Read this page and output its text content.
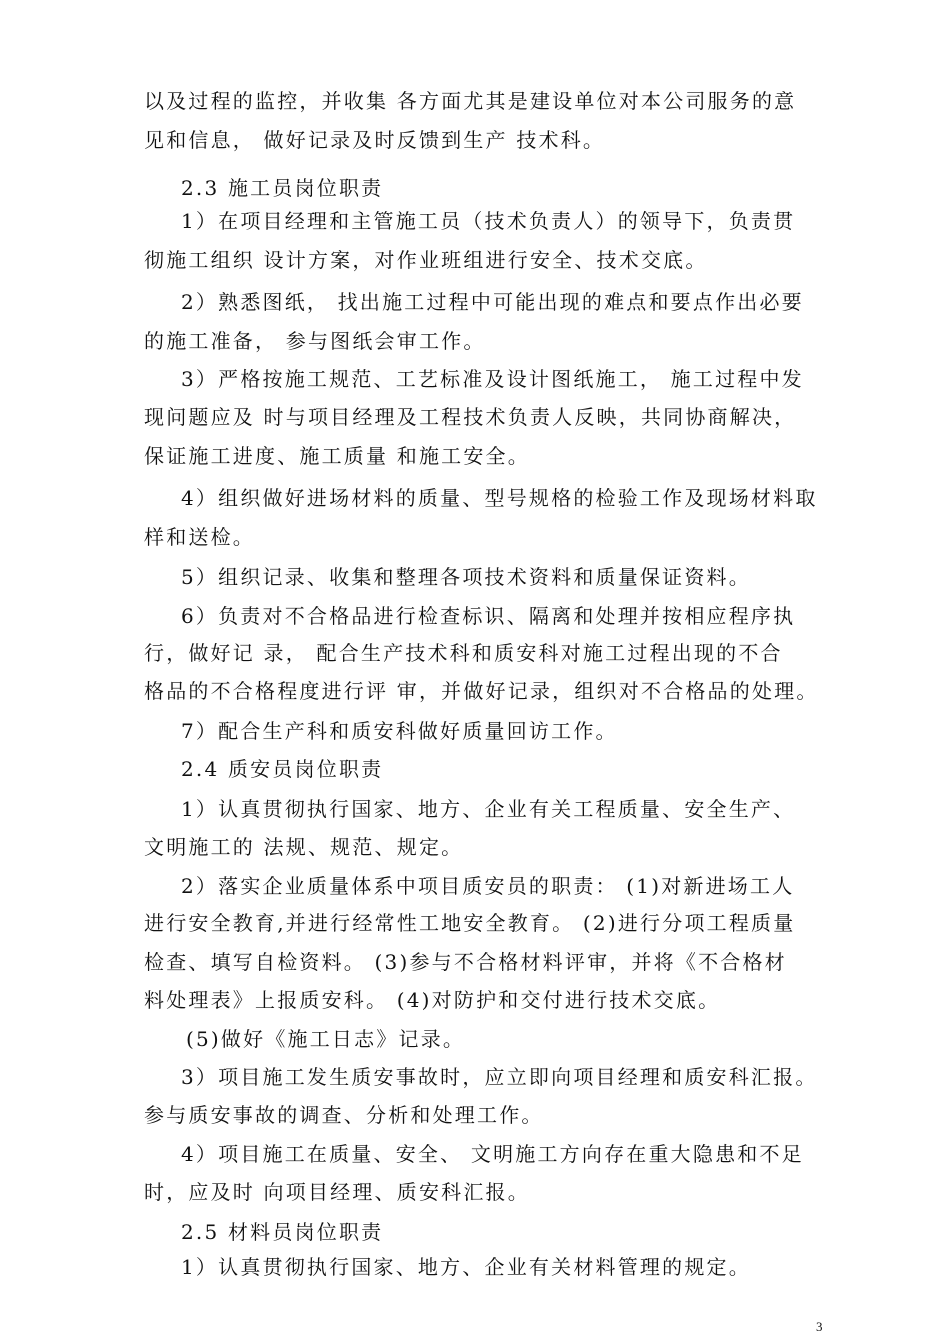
以及过程的监控，并收集 各方面尤其是建设单位对本公司服务的意
见和信息， 做好记录及时反馈到生产 技术科。
2.3 施工员岗位职责
1）在项目经理和主管施工员（技术负责人）的领导下，负责贯
彻施工组织 设计方案，对作业班组进行安全、技术交底。
2）熟悉图纸， 找出施工过程中可能出现的难点和要点作出必要
的施工准备， 参与图纸会审工作。
3）严格按施工规范、工艺标准及设计图纸施工， 施工过程中发
现问题应及 时与项目经理及工程技术负责人反映，共同协商解决，
保证施工进度、施工质量 和施工安全。
4）组织做好进场材料的质量、型号规格的检验工作及现场材料取
样和送检。
5）组织记录、收集和整理各项技术资料和质量保证资料。
6）负责对不合格品进行检查标识、隔离和处理并按相应程序执
行，做好记 录， 配合生产技术科和质安科对施工过程出现的不合
格品的不合格程度进行评 审，并做好记录，组织对不合格品的处理。
7）配合生产科和质安科做好质量回访工作。
2.4 质安员岗位职责
1）认真贯彻执行国家、地方、企业有关工程质量、安全生产、
文明施工的 法规、规范、规定。
2）落实企业质量体系中项目质安员的职责： (1)对新进场工人
进行安全教育,并进行经常性工地安全教育。 (2)进行分项工程质量
检查、填写自检资料。 (3)参与不合格材料评审，并将《不合格材
料处理表》上报质安科。 (4)对防护和交付进行技术交底。
(5)做好《施工日志》记录。
3）项目施工发生质安事故时，应立即向项目经理和质安科汇报。
参与质安事故的调查、分析和处理工作。
4）项目施工在质量、安全、 文明施工方向存在重大隐患和不足
时，应及时 向项目经理、质安科汇报。
2.5 材料员岗位职责
1）认真贯彻执行国家、地方、企业有关材料管理的规定。
3
